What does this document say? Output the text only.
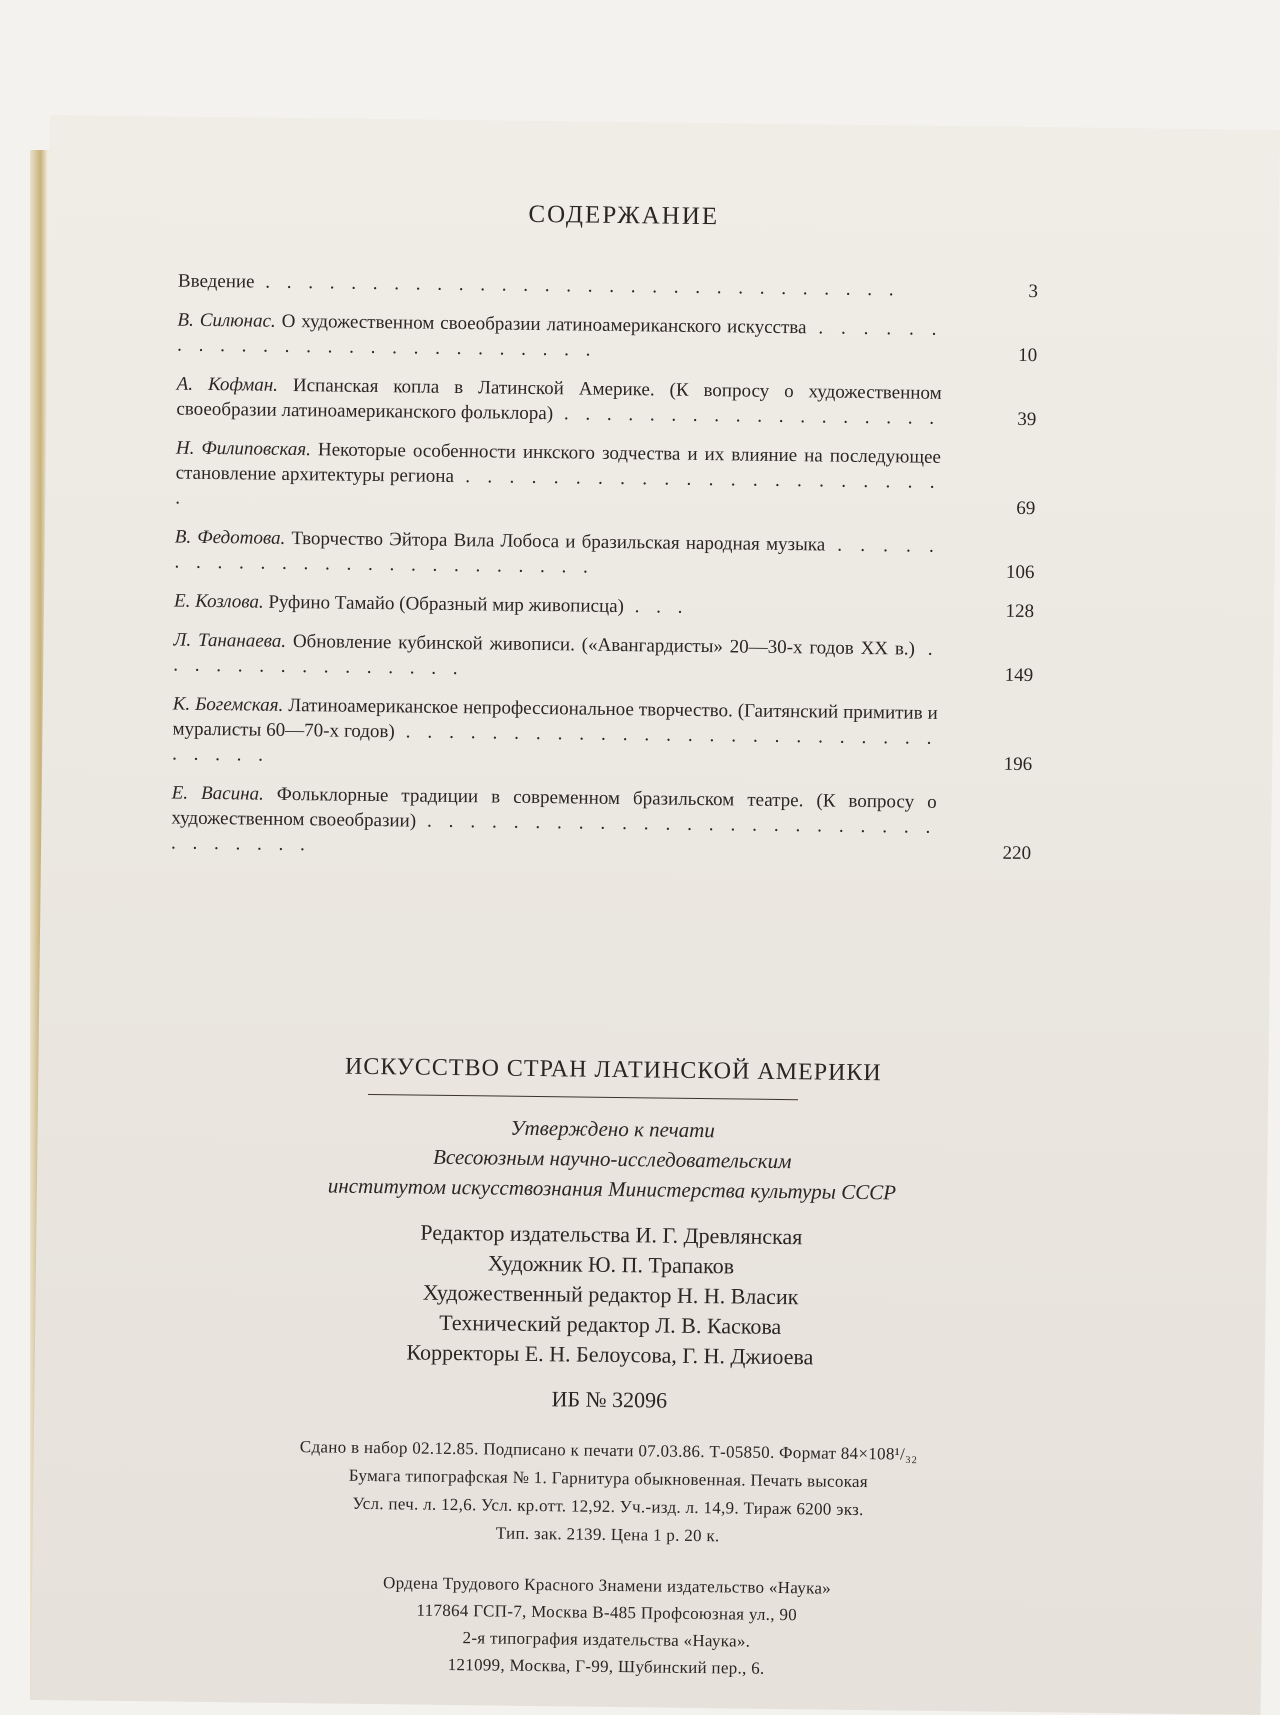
СОДЕРЖАНИЕ
Введение . . . . . . . . . . . . . . . . . . . . . . . . . . . . . .	3
В. Силюнас. О художественном своеобразии латиноамериканского искусства . . . . . . . . . . . . . . . . . . . . . . . . . .	10
А. Кофман. Испанская копла в Латинской Америке. (К вопросу о художественном своеобразии латиноамериканского фольклора) . . . . . . . . . . . . . . . . . .	39
Н. Филиповская. Некоторые особенности инкского зодчества и их влияние на последующее становление архитектуры региона . . . . . . . . . . . . . . . . . . . . . . .	69
В. Федотова. Творчество Эйтора Вила Лобоса и бразильская народная музыка . . . . . . . . . . . . . . . . . . . . . . . . .	106
Е. Козлова. Руфино Тамайо (Образный мир живописца) . . .	128
Л. Тананаева. Обновление кубинской живописи. («Авангардисты» 20—30-х годов XX в.) . . . . . . . . . . . . . . .	149
К. Богемская. Латиноамериканское непрофессиональное творчество. (Гаитянский примитив и муралисты 60—70-х годов) . . . . . . . . . . . . . . . . . . . . . . . . . . . . . .	196
Е. Васина. Фольклорные традиции в современном бразильском театре. (К вопросу о художественном своеобразии) . . . . . . . . . . . . . . . . . . . . . . . . . . . . . . .	220
ИСКУССТВО СТРАН ЛАТИНСКОЙ АМЕРИКИ
Утверждено к печати
Всесоюзным научно-исследовательским
институтом искусствознания Министерства культуры СССР
Редактор издательства И. Г. Древлянская
Художник Ю. П. Трапаков
Художественный редактор Н. Н. Власик
Технический редактор Л. В. Каскова
Корректоры Е. Н. Белоусова, Г. Н. Джиоева
ИБ № 32096
Сдано в набор 02.12.85. Подписано к печати 07.03.86. Т-05850. Формат 84×108¹/₃₂
Бумага типографская № 1. Гарнитура обыкновенная. Печать высокая
Усл. печ. л. 12,6. Усл. кр.отт. 12,92. Уч.-изд. л. 14,9. Тираж 6200 экз.
Тип. зак. 2139. Цена 1 р. 20 к.
Ордена Трудового Красного Знамени издательство «Наука»
117864 ГСП-7, Москва В-485 Профсоюзная ул., 90
2-я типография издательства «Наука».
121099, Москва, Г-99, Шубинский пер., 6.
